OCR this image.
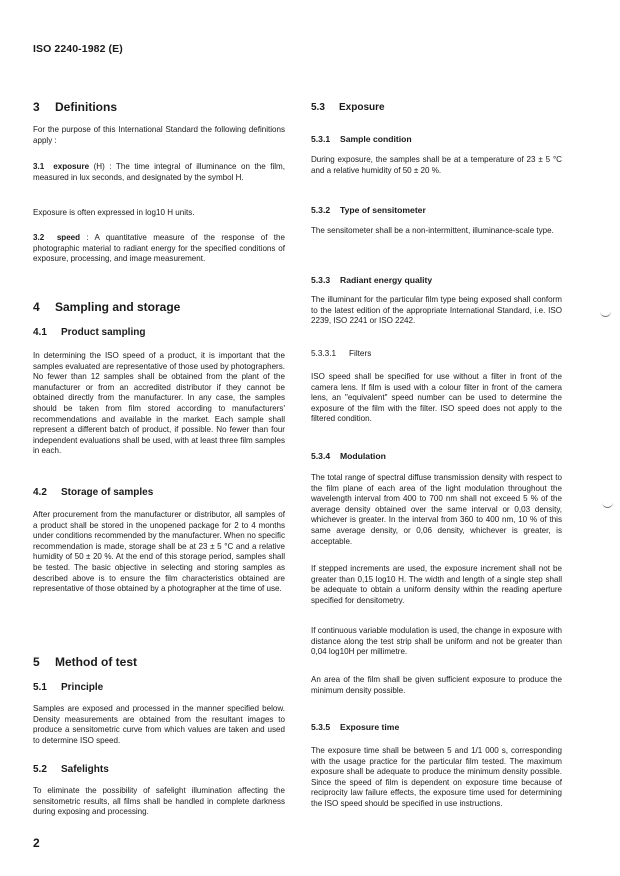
ISO 2240-1982 (E)
3 Definitions

For the purpose of this International Standard the following definitions apply :

3.1 exposure (H) : The time integral of illuminance on the film, measured in lux seconds, and designated by the symbol H.

Exposure is often expressed in log10 H units.

3.2 speed : A quantitative measure of the response of the photographic material to radiant energy for the specified conditions of exposure, processing, and image measurement.

4 Sampling and storage
4.1 Product sampling

In determining the ISO speed of a product, it is important that the samples evaluated are representative of those used by photographers. No fewer than 12 samples shall be obtained from the plant of the manufacturer or from an accredited distributor if they cannot be obtained directly from the manufacturer. In any case, the samples should be taken from film stored according to manufacturers' recommendations and available in the market. Each sample shall represent a different batch of product, if possible. No fewer than four independent evaluations shall be used, with at least three film samples in each.

4.2 Storage of samples

After procurement from the manufacturer or distributor, all samples of a product shall be stored in the unopened package for 2 to 4 months under conditions recommended by the manufacturer. When no specific recommendation is made, storage shall be at 23 ± 5 °C and a relative humidity of 50 ± 20 %. At the end of this storage period, samples shall be tested. The basic objective in selecting and storing samples as described above is to ensure the film characteristics obtained are representative of those obtained by a photographer at the time of use.

5 Method of test
5.1 Principle

Samples are exposed and processed in the manner specified below. Density measurements are obtained from the resultant images to produce a sensitometric curve from which values are taken and used to determine ISO speed.

5.2 Safelights

To eliminate the possibility of safelight illumination affecting the sensitometric results, all films shall be handled in complete darkness during exposing and processing.

5.3 Exposure
5.3.1 Sample condition

During exposure, the samples shall be at a temperature of 23 ± 5 °C and a relative humidity of 50 ± 20 %.

5.3.2 Type of sensitometer

The sensitometer shall be a non-intermittent, illuminance-scale type.

5.3.3 Radiant energy quality

The illuminant for the particular film type being exposed shall conform to the latest edition of the appropriate International Standard, i.e. ISO 2239, ISO 2241 or ISO 2242.

5.3.3.1 Filters

ISO speed shall be specified for use without a filter in front of the camera lens. If film is used with a colour filter in front of the camera lens, an "equivalent" speed number can be used to determine the exposure of the film with the filter. ISO speed does not apply to the filtered condition.

5.3.4 Modulation

The total range of spectral diffuse transmission density with respect to the film plane of each area of the light modulation throughout the wavelength interval from 400 to 700 nm shall not exceed 5 % of the average density obtained over the same interval or 0,03 density, whichever is greater. In the interval from 360 to 400 nm, 10 % of this same average density, or 0,06 density, whichever is greater, is acceptable.

If stepped increments are used, the exposure increment shall not be greater than 0,15 log10 H. The width and length of a single step shall be adequate to obtain a uniform density within the reading aperture specified for densitometry.

If continuous variable modulation is used, the change in exposure with distance along the test strip shall be uniform and not be greater than 0,04 log10H per millimetre.

An area of the film shall be given sufficient exposure to produce the minimum density possible.

5.3.5 Exposure time

The exposure time shall be between 5 and 1/1 000 s, corresponding with the usage practice for the particular film tested. The maximum exposure shall be adequate to produce the minimum density possible. Since the speed of film is dependent on exposure time because of reciprocity law failure effects, the exposure time used for determining the ISO speed should be specified in use instructions.

2
